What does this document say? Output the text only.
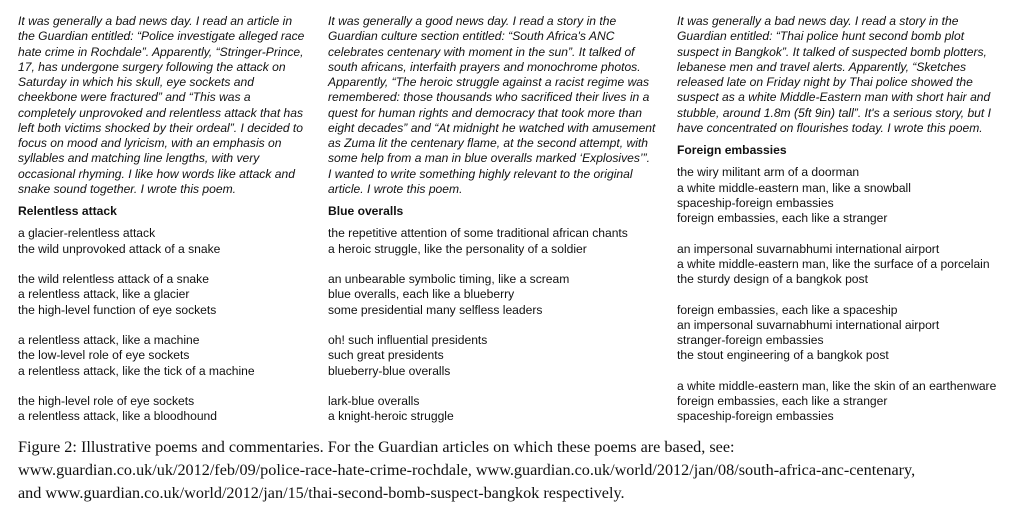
It was generally a bad news day. I read an article in
the Guardian entitled: “Police investigate alleged race
hate crime in Rochdale”. Apparently, “Stringer-Prince,
17, has undergone surgery following the attack on
Saturday in which his skull, eye sockets and
cheekbone were fractured” and “This was a
completely unprovoked and relentless attack that has
left both victims shocked by their ordeal”. I decided to
focus on mood and lyricism, with an emphasis on
syllables and matching line lengths, with very
occasional rhyming. I like how words like attack and
snake sound together. I wrote this poem.
Relentless attack
a glacier-relentless attack
the wild unprovoked attack of a snake
the wild relentless attack of a snake
a relentless attack, like a glacier
the high-level function of eye sockets
a relentless attack, like a machine
the low-level role of eye sockets
a relentless attack, like the tick of a machine
the high-level role of eye sockets
a relentless attack, like a bloodhound
It was generally a good news day. I read a story in the
Guardian culture section entitled: “South Africa's ANC
celebrates centenary with moment in the sun”. It talked of
south africans, interfaith prayers and monochrome photos.
Apparently, “The heroic struggle against a racist regime was
remembered: those thousands who sacrificed their lives in a
quest for human rights and democracy that took more than
eight decades” and “At midnight he watched with amusement
as Zuma lit the centenary flame, at the second attempt, with
some help from a man in blue overalls marked ‘Explosives’”.
I wanted to write something highly relevant to the original
article. I wrote this poem.
Blue overalls
the repetitive attention of some traditional african chants
a heroic struggle, like the personality of a soldier
an unbearable symbolic timing, like a scream
blue overalls, each like a blueberry
some presidential many selfless leaders
oh! such influential presidents
such great presidents
blueberry-blue overalls
lark-blue overalls
a knight-heroic struggle
It was generally a bad news day. I read a story in the
Guardian entitled: “Thai police hunt second bomb plot
suspect in Bangkok”. It talked of suspected bomb plotters,
lebanese men and travel alerts. Apparently, “Sketches
released late on Friday night by Thai police showed the
suspect as a white Middle-Eastern man with short hair and
stubble, around 1.8m (5ft 9in) tall”. It's a serious story, but I
have concentrated on flourishes today. I wrote this poem.
Foreign embassies
the wiry militant arm of a doorman
a white middle-eastern man, like a snowball
spaceship-foreign embassies
foreign embassies, each like a stranger
an impersonal suvarnabhumi international airport
a white middle-eastern man, like the surface of a porcelain
the sturdy design of a bangkok post
foreign embassies, each like a spaceship
an impersonal suvarnabhumi international airport
stranger-foreign embassies
the stout engineering of a bangkok post
a white middle-eastern man, like the skin of an earthenware
foreign embassies, each like a stranger
spaceship-foreign embassies
Figure 2: Illustrative poems and commentaries. For the Guardian articles on which these poems are based, see:
www.guardian.co.uk/uk/2012/feb/09/police-race-hate-crime-rochdale, www.guardian.co.uk/world/2012/jan/08/south-africa-anc-centenary,
and www.guardian.co.uk/world/2012/jan/15/thai-second-bomb-suspect-bangkok respectively.
